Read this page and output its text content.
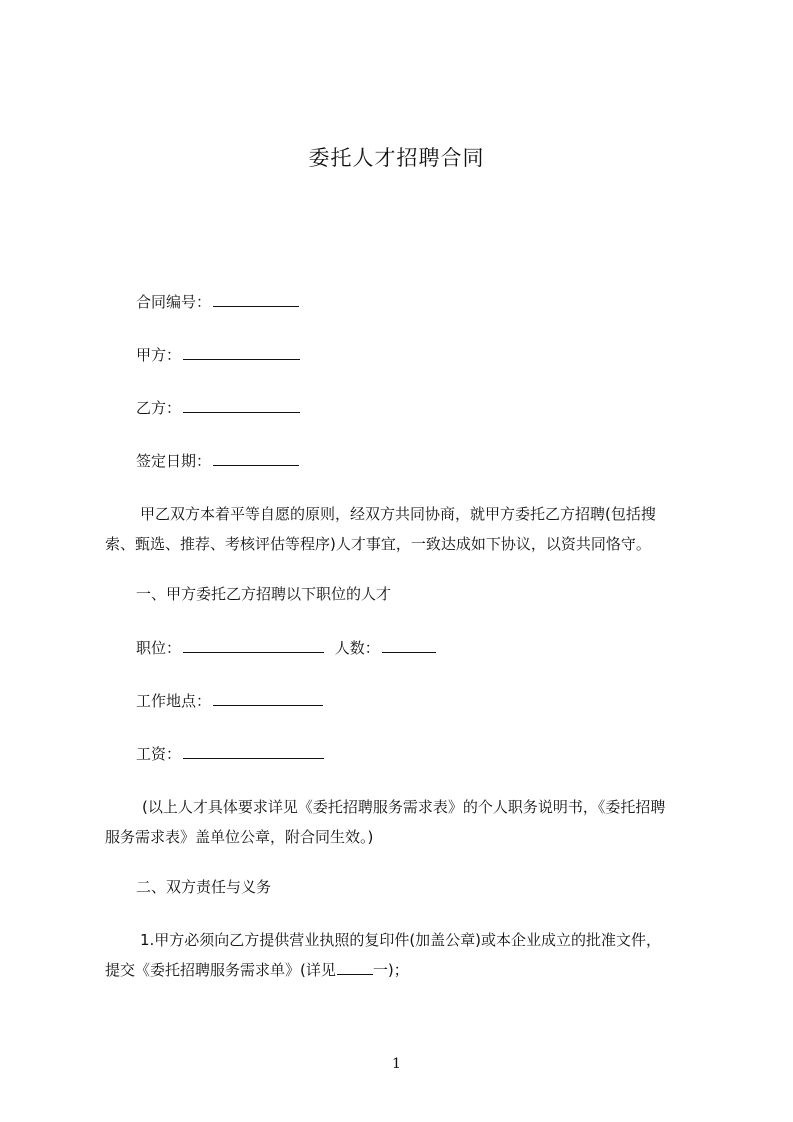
委托人才招聘合同
合同编号：
甲方：
乙方：
签定日期：
甲乙双方本着平等自愿的原则，经双方共同协商，就甲方委托乙方招聘(包括搜
索、甄选、推荐、考核评估等程序)人才事宜，一致达成如下协议，以资共同恪守。
一、甲方委托乙方招聘以下职位的人才
职位：	人数：
工作地点：
工资：
(以上人才具体要求详见《委托招聘服务需求表》的个人职务说明书，《委托招聘
服务需求表》盖单位公章，附合同生效。)
二、双方责任与义务
1.甲方必须向乙方提供营业执照的复印件(加盖公章)或本企业成立的批准文件，
提交《委托招聘服务需求单》(详见 一)；
1
